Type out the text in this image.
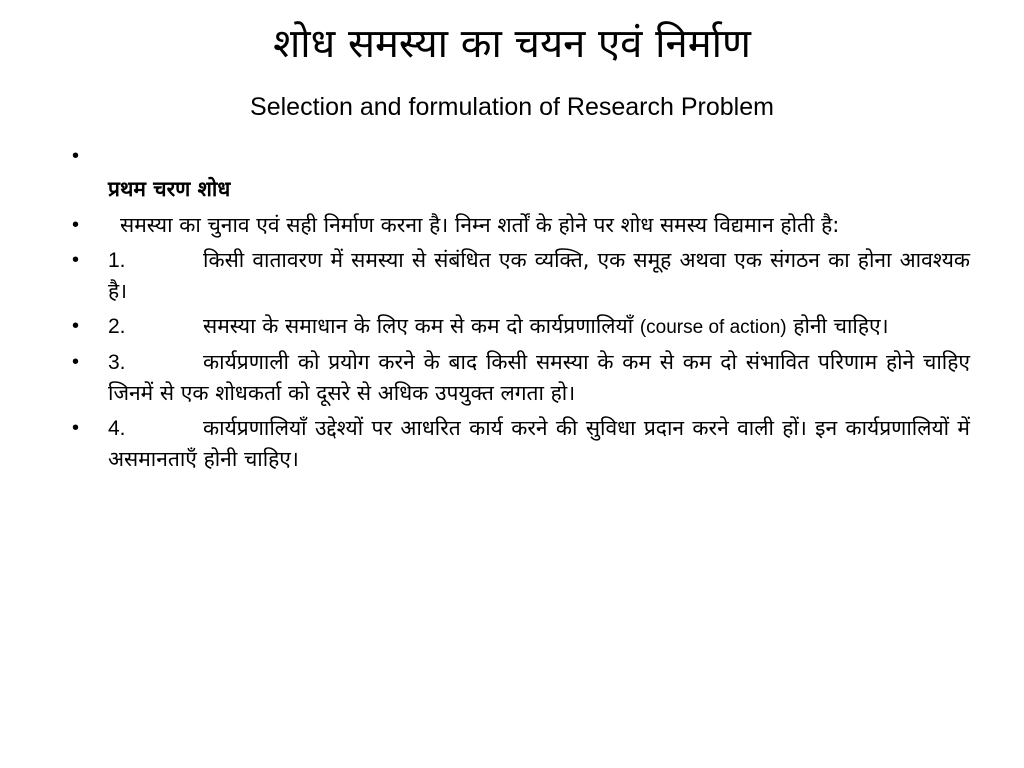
शोध समस्या का चयन एवं निर्माण
Selection and formulation of Research Problem
•
प्रथम चरण शोध
•	समस्या का चुनाव एवं सही निर्माण करना है। निम्न शर्तों के होने पर शोध समस्य विद्यमान होती है:
•	1.	किसी वातावरण में समस्या से संबंधित एक व्यक्ति, एक समूह अथवा एक संगठन का होना आवश्यक है।
•	2.	समस्या के समाधान के लिए कम से कम दो कार्यप्रणालियाँ (course of action) होनी चाहिए।
•	3.	कार्यप्रणाली को प्रयोग करने के बाद किसी समस्या के कम से कम दो संभावित परिणाम होने चाहिए जिनमें से एक शोधकर्ता को दूसरे से अधिक उपयुक्त लगता हो।
•	4.	कार्यप्रणालियाँ उद्देश्यों पर आधरित कार्य करने की सुविधा प्रदान करने वाली हों। इन कार्यप्रणालियों में असमानताएँ होनी चाहिए।
